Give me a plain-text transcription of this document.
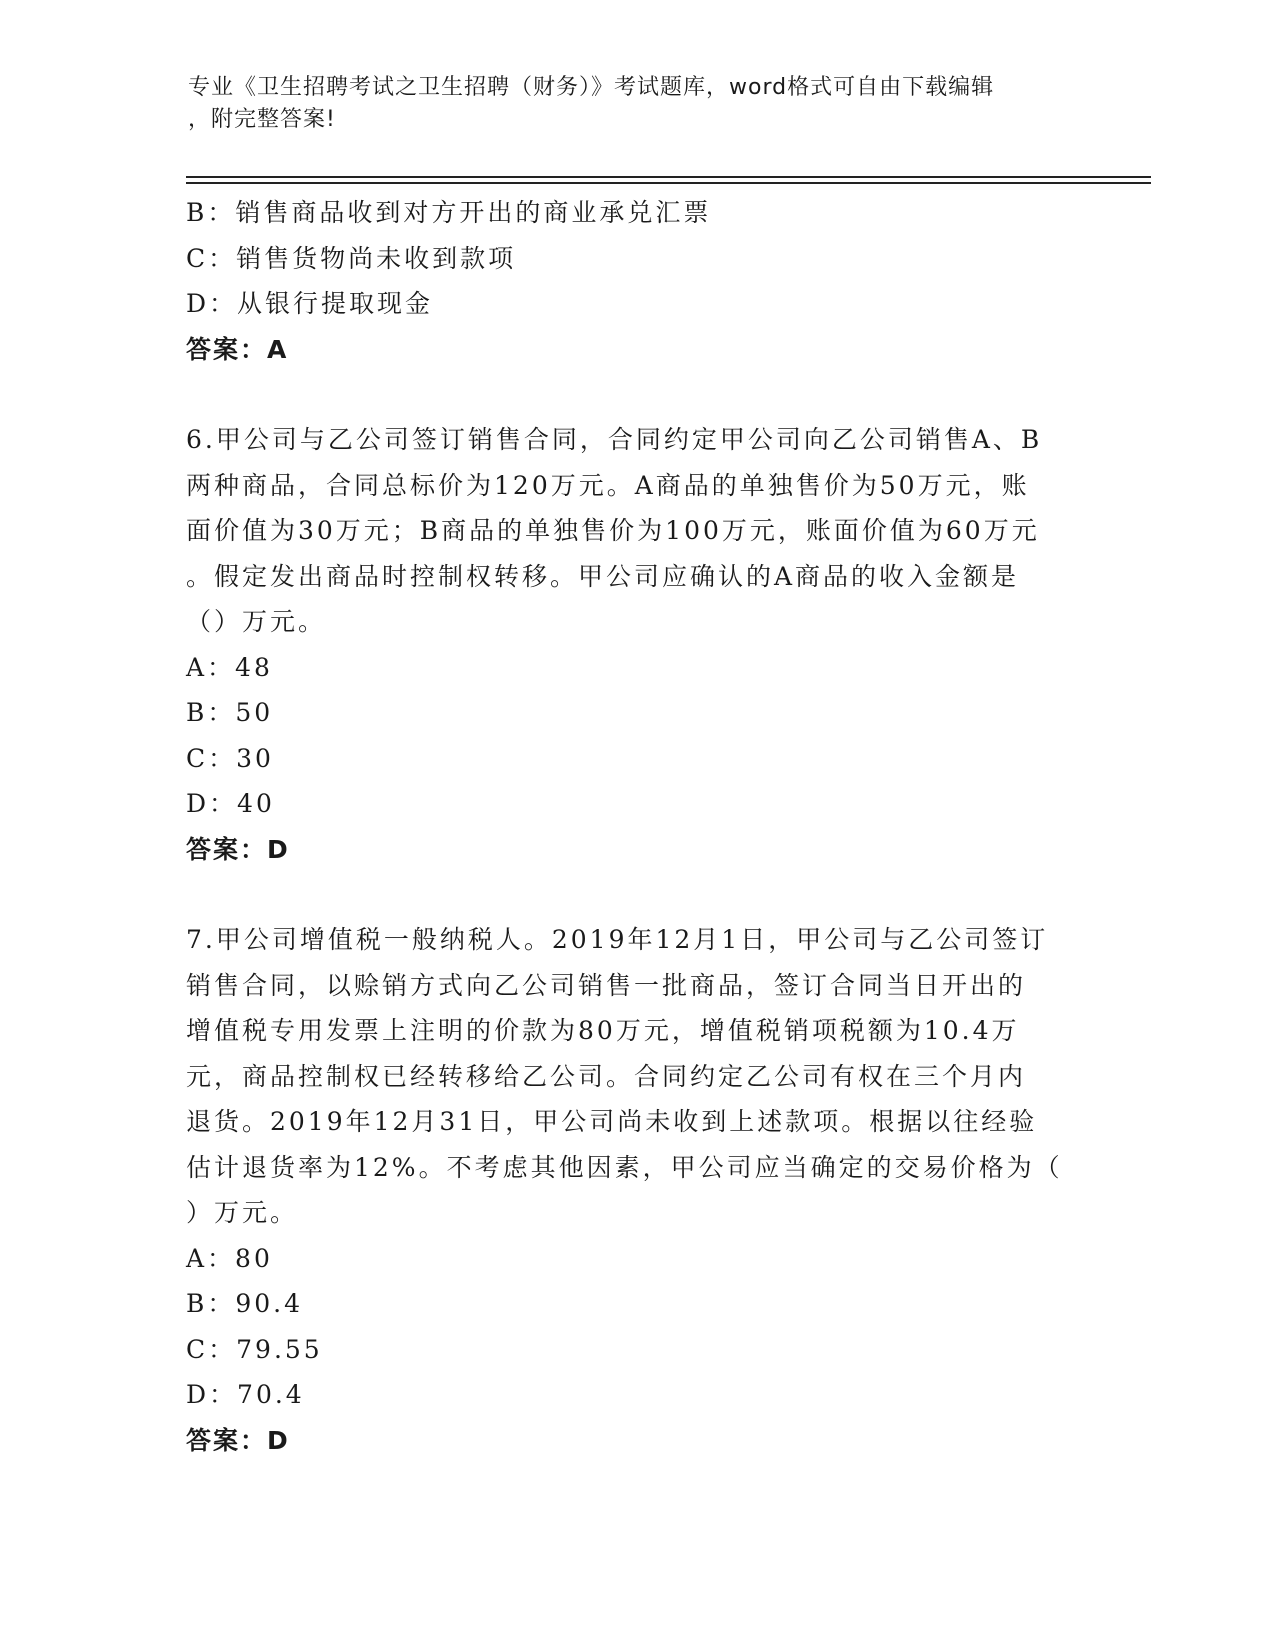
专业《卫生招聘考试之卫生招聘（财务）》考试题库，word格式可自由下载编辑
，附完整答案!
B：销售商品收到对方开出的商业承兑汇票
C：销售货物尚未收到款项
D：从银行提取现金
答案：A
6.甲公司与乙公司签订销售合同，合同约定甲公司向乙公司销售A、B
两种商品，合同总标价为120万元。A商品的单独售价为50万元，账
面价值为30万元；B商品的单独售价为100万元，账面价值为60万元
。假定发出商品时控制权转移。甲公司应确认的A商品的收入金额是
（）万元。
A：48
B：50
C：30
D：40
答案：D
7.甲公司增值税一般纳税人。2019年12月1日，甲公司与乙公司签订
销售合同，以赊销方式向乙公司销售一批商品，签订合同当日开出的
增值税专用发票上注明的价款为80万元，增值税销项税额为10.4万
元，商品控制权已经转移给乙公司。合同约定乙公司有权在三个月内
退货。2019年12月31日，甲公司尚未收到上述款项。根据以往经验
估计退货率为12%。不考虑其他因素，甲公司应当确定的交易价格为（
）万元。
A：80
B：90.4
C：79.55
D：70.4
答案：D
